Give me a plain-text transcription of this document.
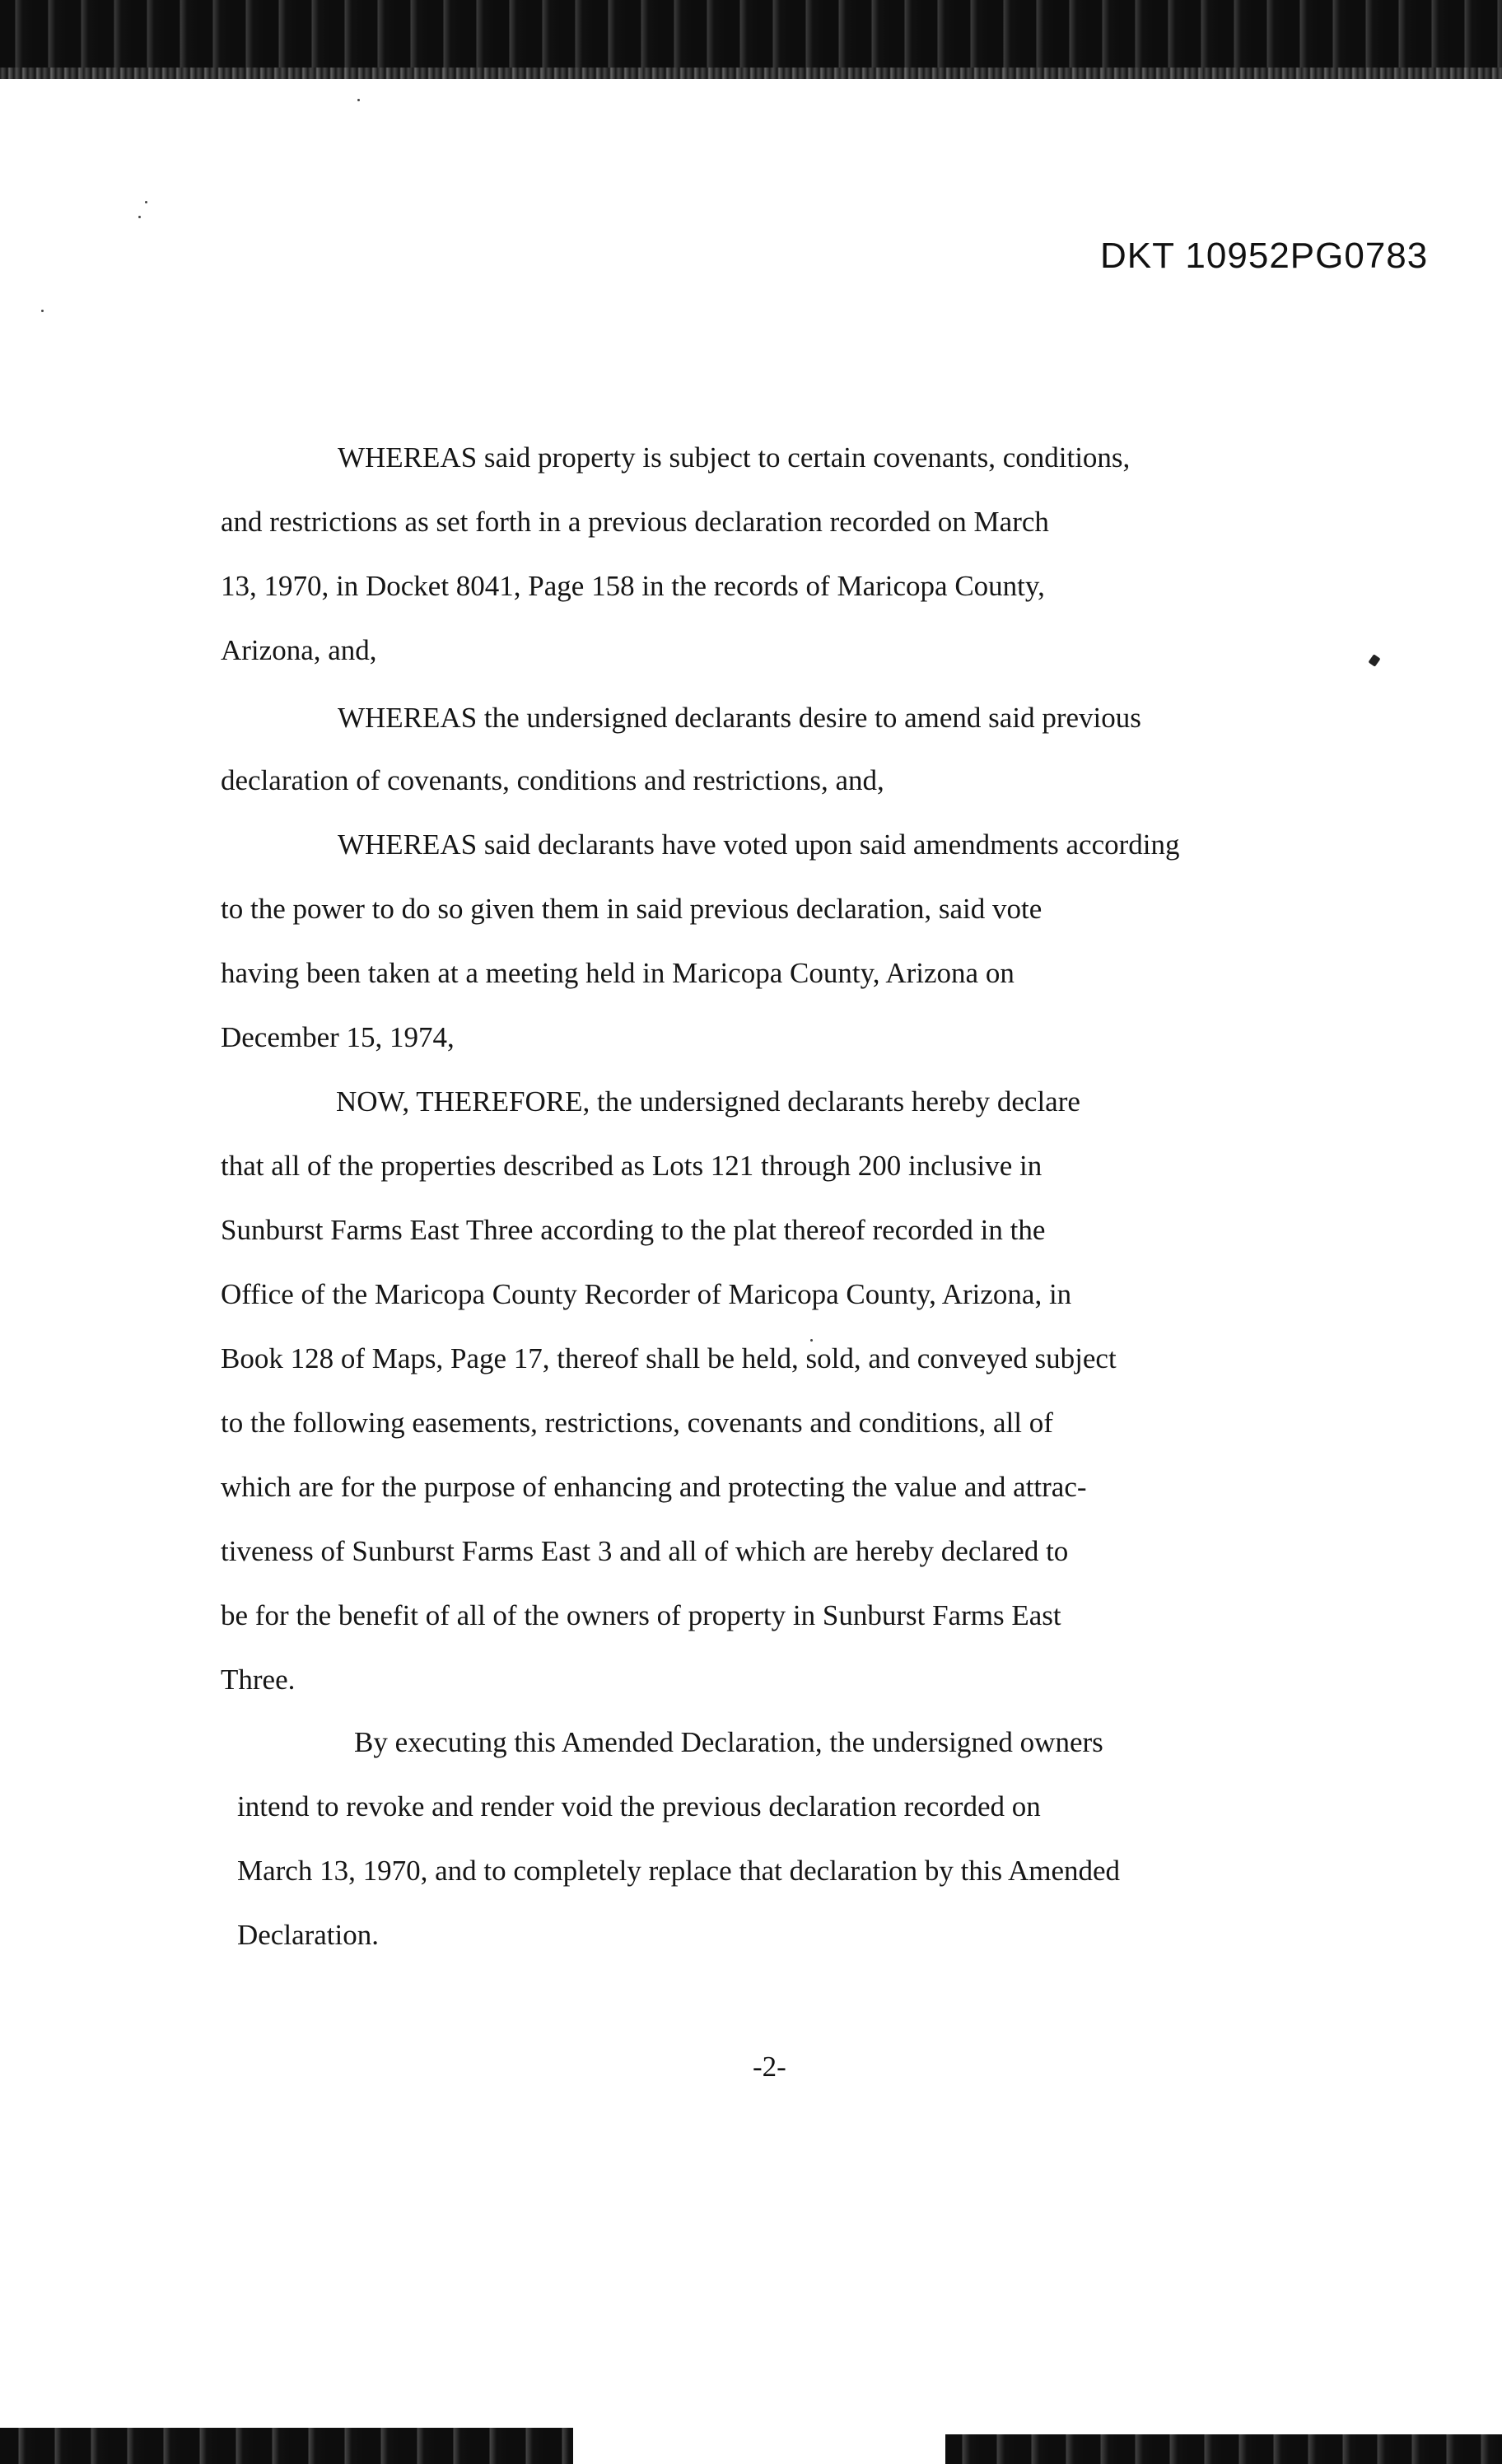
DKT 10952PG0783
WHEREAS said property is subject to certain covenants, conditions,
and restrictions as set forth in a previous declaration recorded on March
13, 1970, in Docket 8041, Page 158 in the records of Maricopa County,
Arizona, and,
WHEREAS the undersigned declarants desire to amend said previous
declaration of covenants, conditions and restrictions, and,
WHEREAS said declarants have voted upon said amendments according
to the power to do so given them in said previous declaration, said vote
having been taken at a meeting held in Maricopa County, Arizona on
December 15, 1974,
NOW, THEREFORE, the undersigned declarants hereby declare
that all of the properties described as Lots 121 through 200 inclusive in
Sunburst Farms East Three according to the plat thereof recorded in the
Office of the Maricopa County Recorder of Maricopa County, Arizona, in
Book 128 of Maps, Page 17, thereof shall be held, sold, and conveyed subject
to the following easements, restrictions, covenants and conditions, all of
which are for the purpose of enhancing and protecting the value and attrac-
tiveness of Sunburst Farms East 3 and all of which are hereby declared to
be for the benefit of all of the owners of property in Sunburst Farms East
Three.
By executing this Amended Declaration, the undersigned owners
intend to revoke and render void the previous declaration recorded on
March 13, 1970, and to completely replace that declaration by this Amended
Declaration.
-2-
